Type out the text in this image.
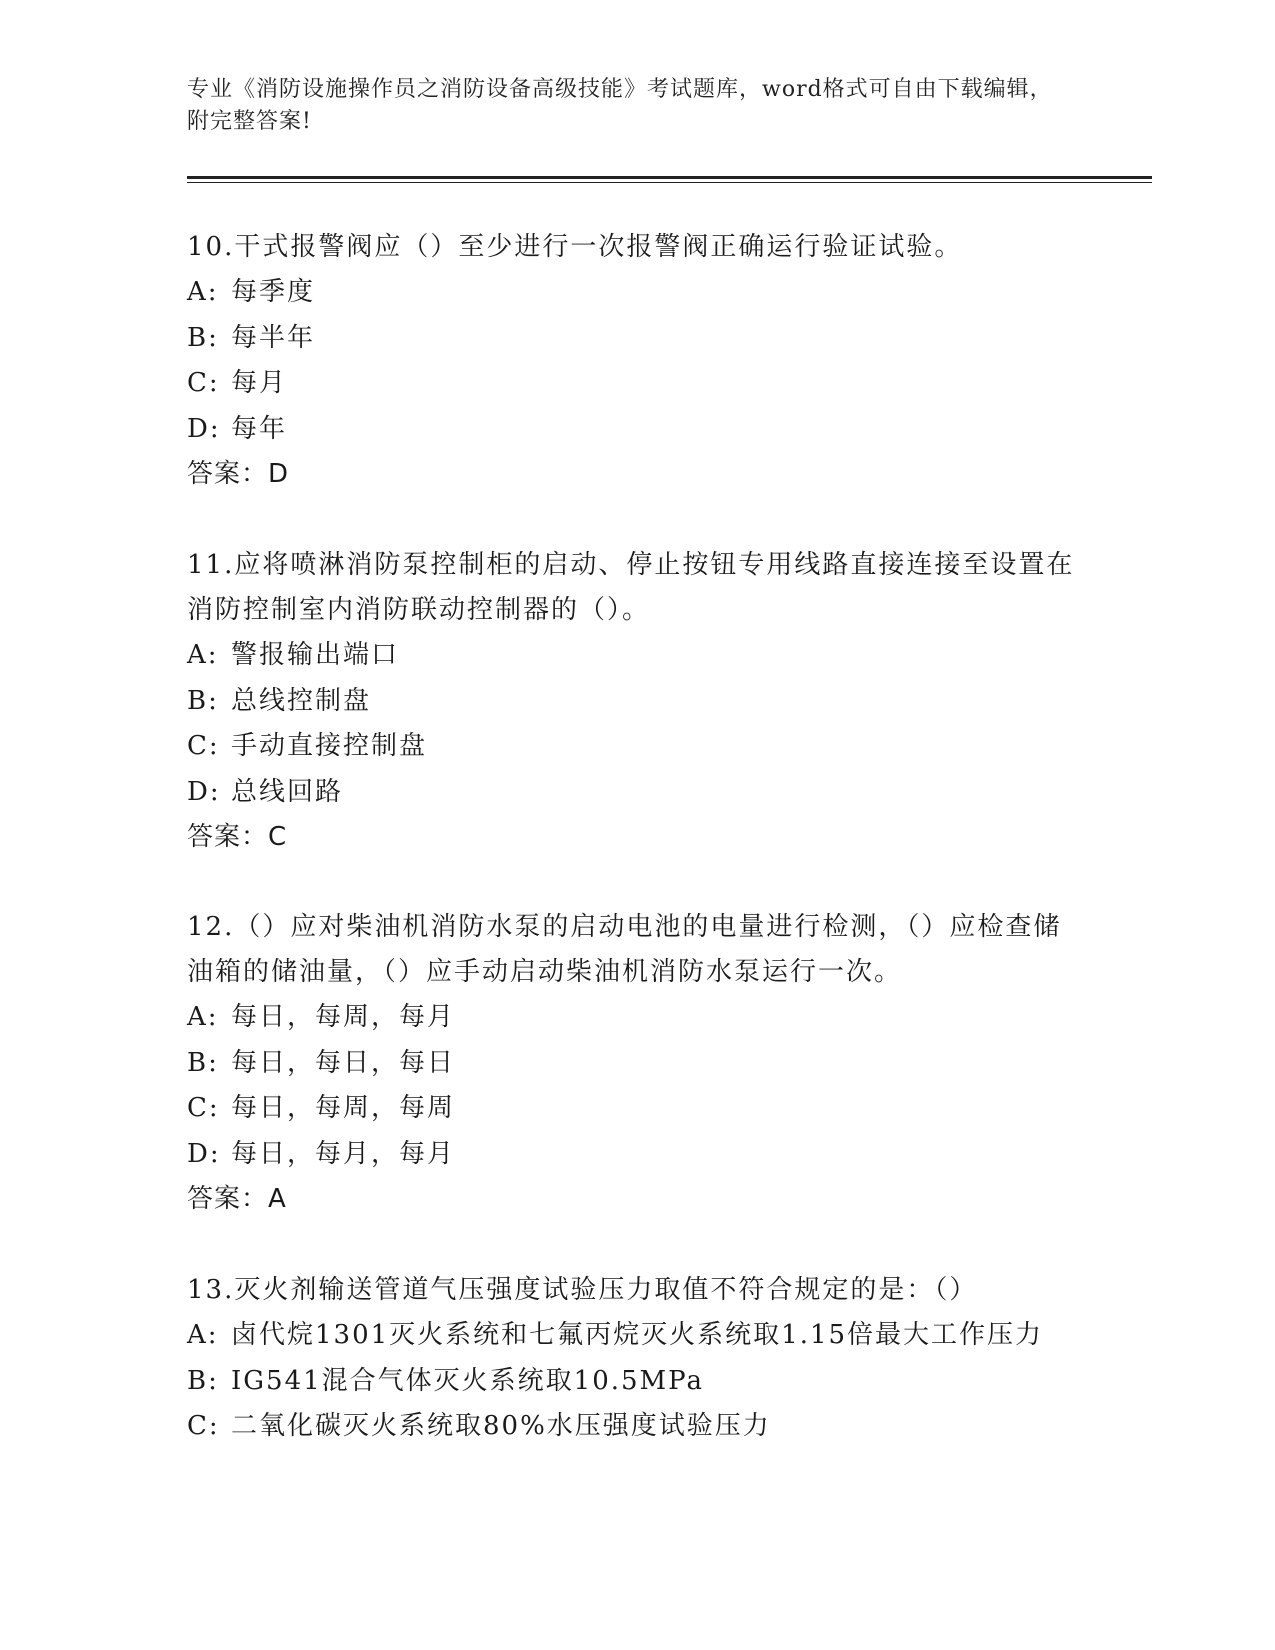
专业《消防设施操作员之消防设备高级技能》考试题库，word格式可自由下载编辑，附完整答案!

10.干式报警阀应（）至少进行一次报警阀正确运行验证试验。

A: 每季度

B: 每半年

C: 每月

D: 每年

答案：D

11.应将喷淋消防泵控制柜的启动、停止按钮专用线路直接连接至设置在消防控制室内消防联动控制器的（）。

A: 警报输出端口

B: 总线控制盘

C: 手动直接控制盘

D: 总线回路

答案：C

12.（）应对柴油机消防水泵的启动电池的电量进行检测，（）应检查储油箱的储油量，（）应手动启动柴油机消防水泵运行一次。

A: 每日，每周，每月

B: 每日，每日，每日

C: 每日，每周，每周

D: 每日，每月，每月

答案：A

13.灭火剂输送管道气压强度试验压力取值不符合规定的是：（）

A: 卤代烷1301灭火系统和七氟丙烷灭火系统取1.15倍最大工作压力

B: IG541混合气体灭火系统取10.5MPa

C: 二氧化碳灭火系统取80%水压强度试验压力
